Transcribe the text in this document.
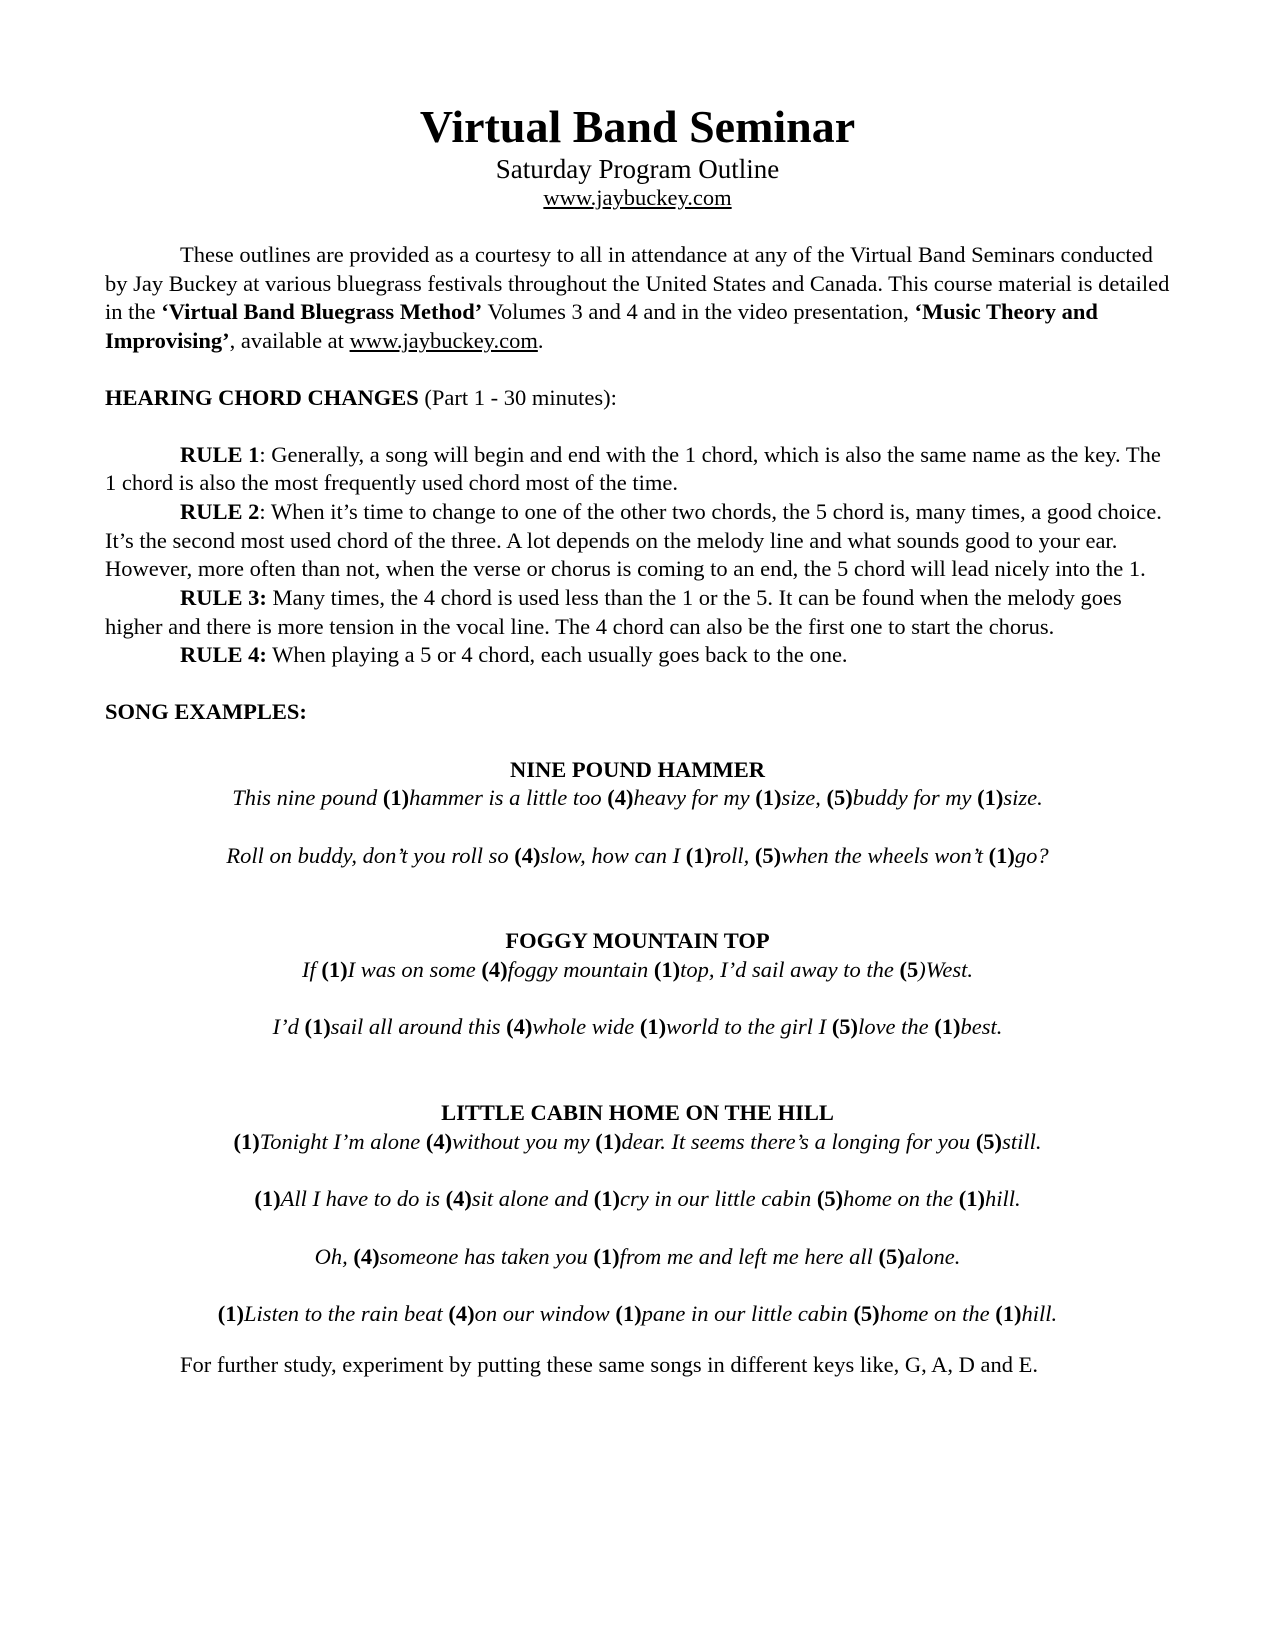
Virtual Band Seminar
Saturday Program Outline
www.jaybuckey.com

These outlines are provided as a courtesy to all in attendance at any of the Virtual Band Seminars conducted by Jay Buckey at various bluegrass festivals throughout the United States and Canada. This course material is detailed in the ‘Virtual Band Bluegrass Method’ Volumes 3 and 4 and in the video presentation, ‘Music Theory and Improvising’, available at www.jaybuckey.com.

HEARING CHORD CHANGES (Part 1 - 30 minutes):

RULE 1: Generally, a song will begin and end with the 1 chord, which is also the same name as the key. The 1 chord is also the most frequently used chord most of the time.

RULE 2: When it’s time to change to one of the other two chords, the 5 chord is, many times, a good choice. It’s the second most used chord of the three. A lot depends on the melody line and what sounds good to your ear. However, more often than not, when the verse or chorus is coming to an end, the 5 chord will lead nicely into the 1.

RULE 3: Many times, the 4 chord is used less than the 1 or the 5. It can be found when the melody goes higher and there is more tension in the vocal line. The 4 chord can also be the first one to start the chorus.

RULE 4: When playing a 5 or 4 chord, each usually goes back to the one.

SONG EXAMPLES:
NINE POUND HAMMER
This nine pound (1)hammer is a little too (4)heavy for my (1)size, (5)buddy for my (1)size.
Roll on buddy, don’t you roll so (4)slow, how can I (1)roll, (5)when the wheels won’t (1)go?
FOGGY MOUNTAIN TOP
If (1)I was on some (4)foggy mountain (1)top, I’d sail away to the (5)West.
I’d (1)sail all around this (4)whole wide (1)world to the girl I (5)love the (1)best.
LITTLE CABIN HOME ON THE HILL
(1)Tonight I’m alone (4)without you my (1)dear. It seems there’s a longing for you (5)still.
(1)All I have to do is (4)sit alone and (1)cry in our little cabin (5)home on the (1)hill.
Oh, (4)someone has taken you (1)from me and left me here all (5)alone.
(1)Listen to the rain beat (4)on our window (1)pane in our little cabin (5)home on the (1)hill.
For further study, experiment by putting these same songs in different keys like, G, A, D and E.
